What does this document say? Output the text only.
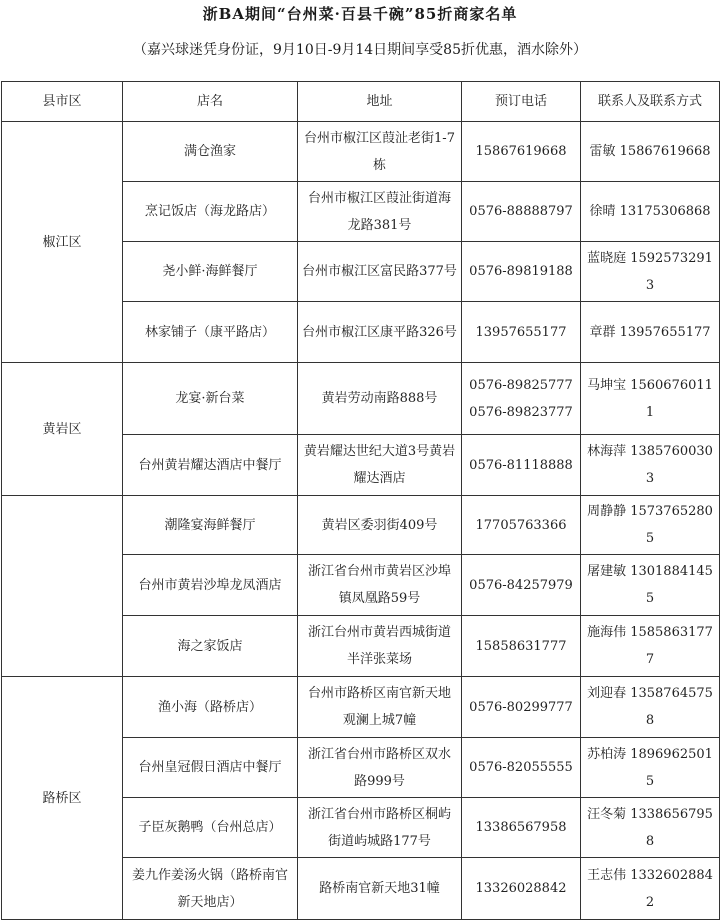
浙BA期间“台州菜·百县千碗”85折商家名单
（嘉兴球迷凭身份证，9月10日-9月14日期间享受85折优惠，酒水除外）
县市区	店名	地址	预订电话	联系人及联系方式
椒江区	满仓渔家	台州市椒江区葭沚老街1-7栋	15867619668	雷敏 15867619668
	烹记饭店（海龙路店）	台州市椒江区葭沚街道海龙路381号	0576-88888797	徐晴 13175306868
	尧小鲜·海鲜餐厅	台州市椒江区富民路377号	0576-89819188	蓝晓庭 15925732913
	林家铺子（康平路店）	台州市椒江区康平路326号	13957655177	章群 13957655177
黄岩区	龙宴·新台菜	黄岩劳动南路888号	0576-89825777 0576-89823777	马坤宝 15606760111
	台州黄岩耀达酒店中餐厅	黄岩耀达世纪大道3号黄岩耀达酒店	0576-81118888	林海萍 13857600303
	潮隆宴海鲜餐厅	黄岩区委羽街409号	17705763366	周静静 15737652805
	台州市黄岩沙埠龙凤酒店	浙江省台州市黄岩区沙埠镇凤凰路59号	0576-84257979	屠建敏 13018841455
	海之家饭店	浙江台州市黄岩西城街道半洋张菜场	15858631777	施海伟 15858631777
路桥区	渔小海（路桥店）	台州市路桥区南官新天地观澜上城7幢	0576-80299777	刘迎春 13587645758
	台州皇冠假日酒店中餐厅	浙江省台州市路桥区双水路999号	0576-82055555	苏柏涛 18969625015
	子臣灰鹅鸭（台州总店）	浙江省台州市路桥区桐屿街道屿城路177号	13386567958	汪冬菊 13386567958
	姜九作姜汤火锅（路桥南官新天地店）	路桥南官新天地31幢	13326028842	王志伟 13326028842
